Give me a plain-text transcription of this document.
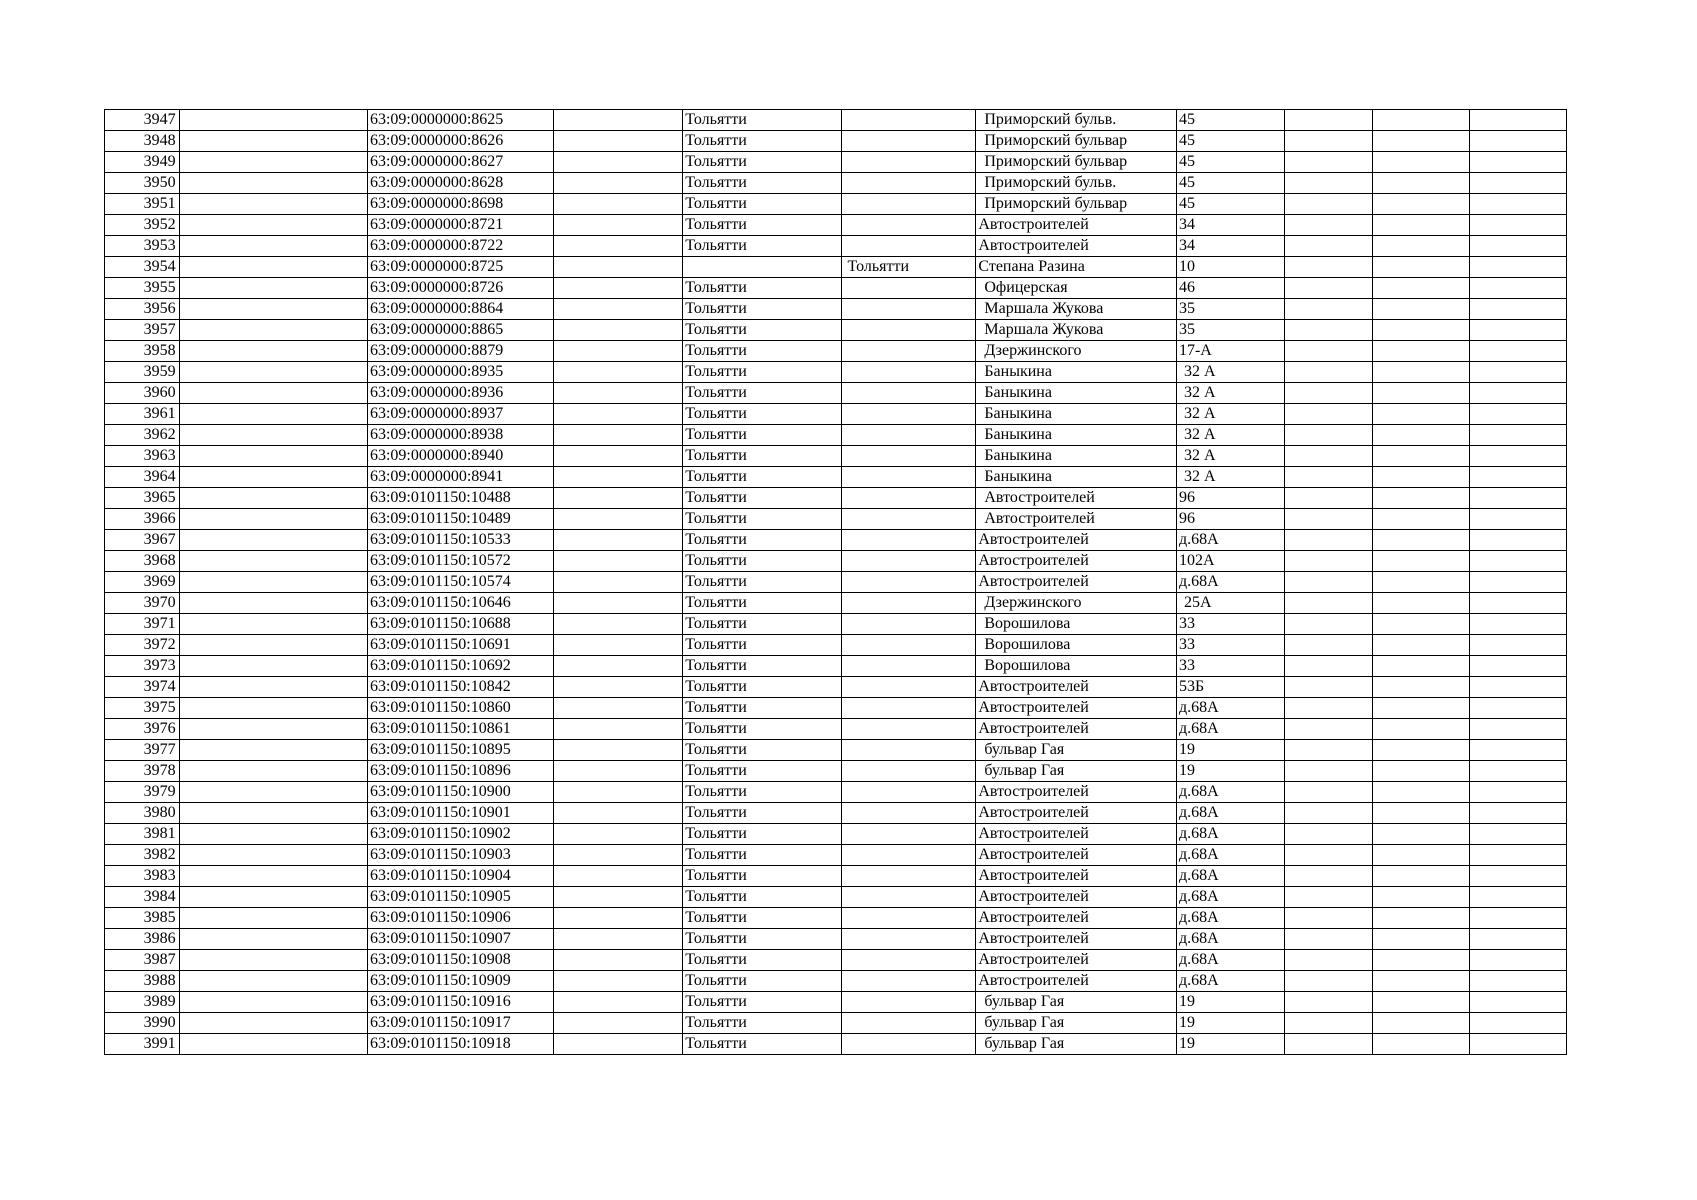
3947		63:09:0000000:8625		Тольятти		Приморский бульв.	45			
3948		63:09:0000000:8626		Тольятти		Приморский бульвар	45			
3949		63:09:0000000:8627		Тольятти		Приморский бульвар	45			
3950		63:09:0000000:8628		Тольятти		Приморский бульв.	45			
3951		63:09:0000000:8698		Тольятти		Приморский бульвар	45			
3952		63:09:0000000:8721		Тольятти		Автостроителей	34			
3953		63:09:0000000:8722		Тольятти		Автостроителей	34			
3954		63:09:0000000:8725			Тольятти	Степана Разина	10			
3955		63:09:0000000:8726		Тольятти		Офицерская	46			
3956		63:09:0000000:8864		Тольятти		Маршала Жукова	35			
3957		63:09:0000000:8865		Тольятти		Маршала Жукова	35			
3958		63:09:0000000:8879		Тольятти		Дзержинского	17-А			
3959		63:09:0000000:8935		Тольятти		Баныкина	32 А			
3960		63:09:0000000:8936		Тольятти		Баныкина	32 А			
3961		63:09:0000000:8937		Тольятти		Баныкина	32 А			
3962		63:09:0000000:8938		Тольятти		Баныкина	32 А			
3963		63:09:0000000:8940		Тольятти		Баныкина	32 А			
3964		63:09:0000000:8941		Тольятти		Баныкина	32 А			
3965		63:09:0101150:10488		Тольятти		Автостроителей	96			
3966		63:09:0101150:10489		Тольятти		Автостроителей	96			
3967		63:09:0101150:10533		Тольятти		Автостроителей	д.68А			
3968		63:09:0101150:10572		Тольятти		Автостроителей	102А			
3969		63:09:0101150:10574		Тольятти		Автостроителей	д.68А			
3970		63:09:0101150:10646		Тольятти		Дзержинского	25А			
3971		63:09:0101150:10688		Тольятти		Ворошилова	33			
3972		63:09:0101150:10691		Тольятти		Ворошилова	33			
3973		63:09:0101150:10692		Тольятти		Ворошилова	33			
3974		63:09:0101150:10842		Тольятти		Автостроителей	53Б			
3975		63:09:0101150:10860		Тольятти		Автостроителей	д.68А			
3976		63:09:0101150:10861		Тольятти		Автостроителей	д.68А			
3977		63:09:0101150:10895		Тольятти		бульвар Гая	19			
3978		63:09:0101150:10896		Тольятти		бульвар Гая	19			
3979		63:09:0101150:10900		Тольятти		Автостроителей	д.68А			
3980		63:09:0101150:10901		Тольятти		Автостроителей	д.68А			
3981		63:09:0101150:10902		Тольятти		Автостроителей	д.68А			
3982		63:09:0101150:10903		Тольятти		Автостроителей	д.68А			
3983		63:09:0101150:10904		Тольятти		Автостроителей	д.68А			
3984		63:09:0101150:10905		Тольятти		Автостроителей	д.68А			
3985		63:09:0101150:10906		Тольятти		Автостроителей	д.68А			
3986		63:09:0101150:10907		Тольятти		Автостроителей	д.68А			
3987		63:09:0101150:10908		Тольятти		Автостроителей	д.68А			
3988		63:09:0101150:10909		Тольятти		Автостроителей	д.68А			
3989		63:09:0101150:10916		Тольятти		бульвар Гая	19			
3990		63:09:0101150:10917		Тольятти		бульвар Гая	19			
3991		63:09:0101150:10918		Тольятти		бульвар Гая	19			
